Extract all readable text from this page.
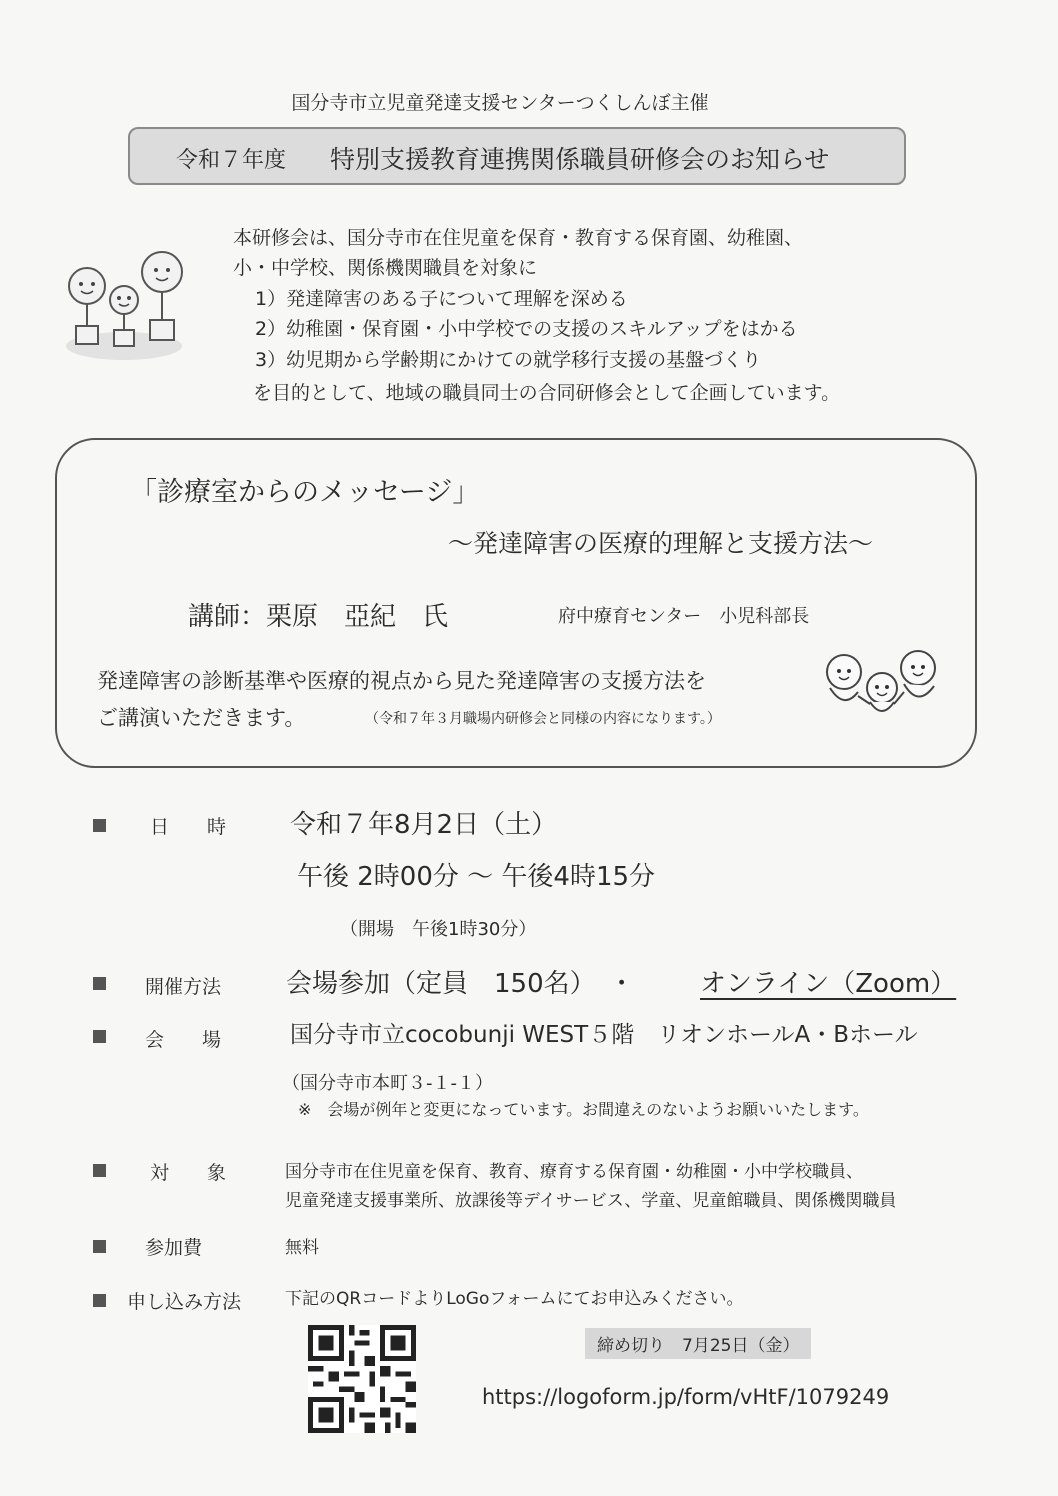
国分寺市立児童発達支援センターつくしんぼ主催
令和７年度 特別支援教育連携関係職員研修会のお知らせ
本研修会は、国分寺市在住児童を保育・教育する保育園、幼稚園、
小・中学校、関係機関職員を対象に
1）発達障害のある子について理解を深める
2）幼稚園・保育園・小中学校での支援のスキルアップをはかる
3）幼児期から学齢期にかけての就学移行支援の基盤づくり
を目的として、地域の職員同士の合同研修会として企画しています。
「診療室からのメッセージ」
～発達障害の医療的理解と支援方法～
講師：栗原　亞紀　氏	府中療育センター　小児科部長
発達障害の診断基準や医療的視点から見た発達障害の支援方法を
ご講演いただきます。	（令和７年３月職場内研修会と同様の内容になります。）
日　　時 令和７年8月2日（土）
午後 2時00分 ～ 午後4時15分
（開場　午後1時30分）
開催方法 会場参加（定員　150名）　・	オンライン（Zoom）
会　　場	国分寺市立cocobunji WEST５階　リオンホールA・Bホール
（国分寺市本町３-１-１）
※　会場が例年と変更になっています。お間違えのないようお願いいたします。
対　　象	国分寺市在住児童を保育、教育、療育する保育園・幼稚園・小中学校職員、
児童発達支援事業所、放課後等デイサービス、学童、児童館職員、関係機関職員
参加費	無料
申し込み方法	下記のQRコードよりLoGoフォームにてお申込みください。
締め切り　7月25日（金）
https://logoform.jp/form/vHtF/1079249
